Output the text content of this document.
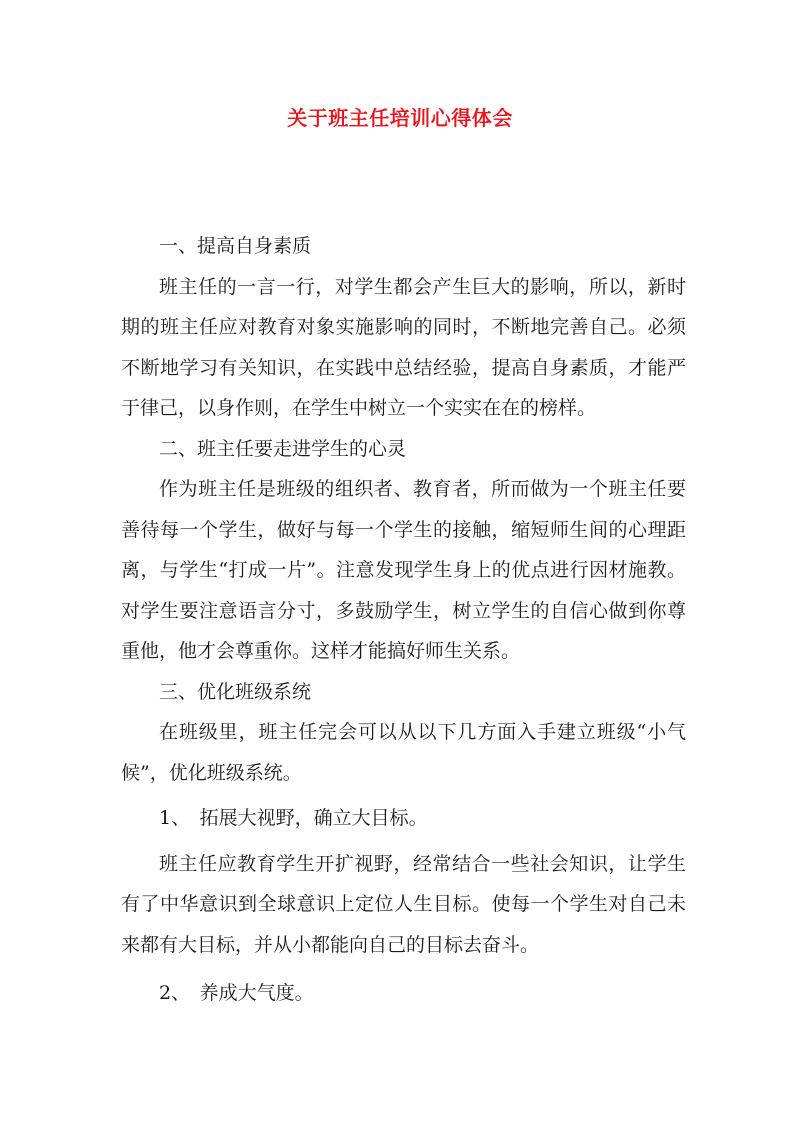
关于班主任培训心得体会

一、提高自身素质

班主任的一言一行，对学生都会产生巨大的影响，所以，新时期的班主任应对教育对象实施影响的同时，不断地完善自己。必须不断地学习有关知识，在实践中总结经验，提高自身素质，才能严于律己，以身作则，在学生中树立一个实实在在的榜样。

二、班主任要走进学生的心灵

作为班主任是班级的组织者、教育者，所而做为一个班主任要善待每一个学生，做好与每一个学生的接触，缩短师生间的心理距离，与学生“打成一片”。注意发现学生身上的优点进行因材施教。对学生要注意语言分寸，多鼓励学生，树立学生的自信心做到你尊重他，他才会尊重你。这样才能搞好师生关系。

三、优化班级系统

在班级里，班主任完会可以从以下几方面入手建立班级“小气候”，优化班级系统。

1、　拓展大视野，确立大目标。

班主任应教育学生开扩视野，经常结合一些社会知识，让学生有了中华意识到全球意识上定位人生目标。使每一个学生对自己未来都有大目标，并从小都能向自己的目标去奋斗。

2、　养成大气度。
